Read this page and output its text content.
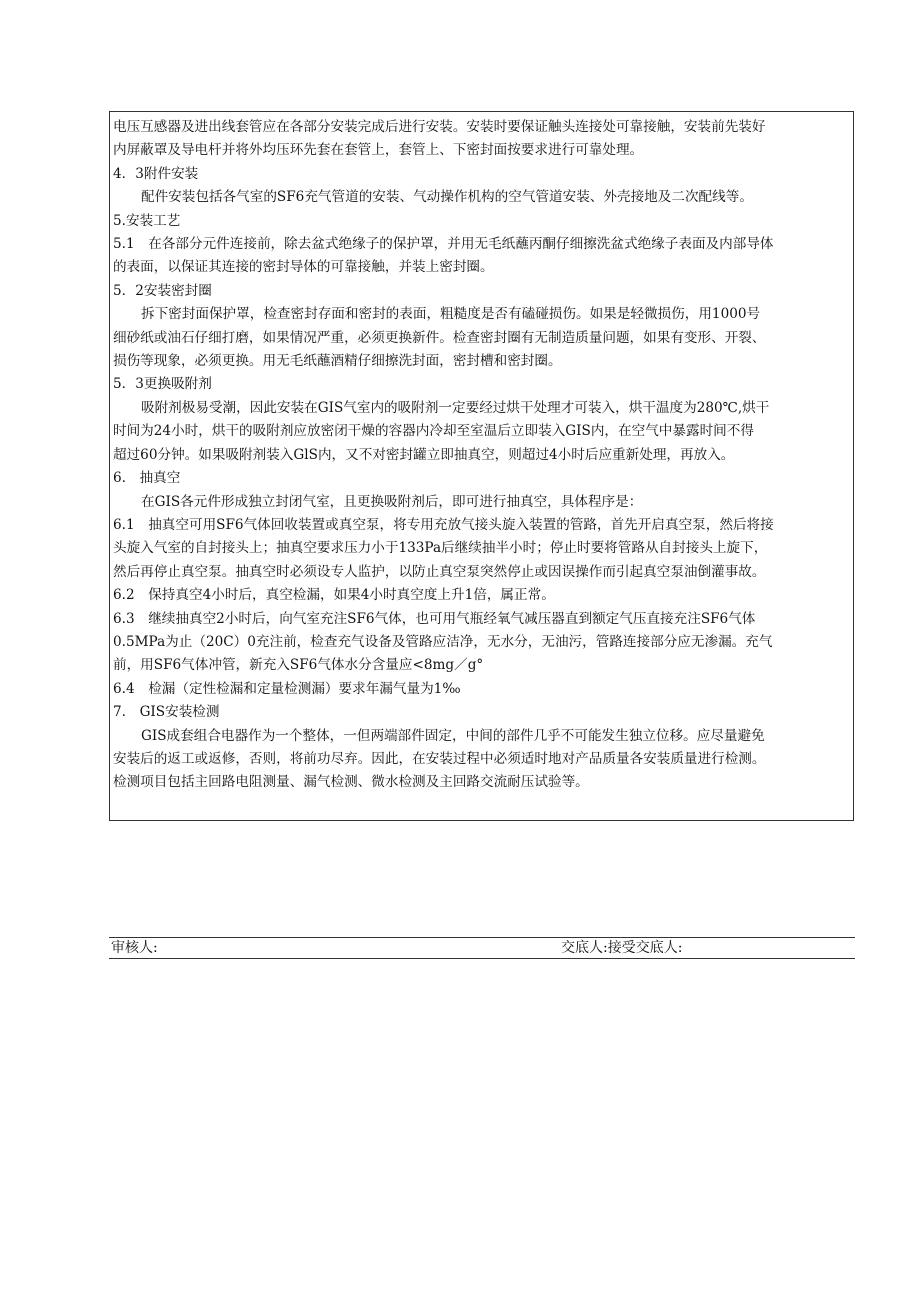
电压互感器及进出线套管应在各部分安装完成后进行安装。安装时要保证触头连接处可靠接触，安装前先装好
内屏蔽罩及导电杆并将外均压环先套在套管上，套管上、下密封面按要求进行可靠处理。
4．3附件安装
配件安装包括各气室的SF6充气管道的安装、气动操作机构的空气管道安装、外壳接地及二次配线等。
5.安装工艺
5.1　在各部分元件连接前，除去盆式绝缘子的保护罩，并用无毛纸蘸丙酮仔细擦洗盆式绝缘子表面及内部导体
的表面，以保证其连接的密封导体的可靠接触，并装上密封圈。
5．2安装密封圈
拆下密封面保护罩，检查密封存面和密封的表面，粗糙度是否有磕碰损伤。如果是轻微损伤，用1000号
细砂纸或油石仔细打磨，如果情况严重，必须更换新件。检查密封圈有无制造质量问题，如果有变形、开裂、
损伤等现象，必须更换。用无毛纸蘸酒精仔细擦洗封面，密封槽和密封圈。
5．3更换吸附剂
吸附剂极易受潮，因此安装在GIS气室内的吸附剂一定要经过烘干处理才可装入，烘干温度为280℃,烘干
时间为24小时，烘干的吸附剂应放密闭干燥的容器内冷却至室温后立即装入GIS内，在空气中暴露时间不得
超过60分钟。如果吸附剂装入GlS内，又不对密封罐立即抽真空，则超过4小时后应重新处理，再放入。
6.　抽真空
在GIS各元件形成独立封闭气室，且更换吸附剂后，即可进行抽真空，具体程序是：
6.1　抽真空可用SF6气体回收装置或真空泵，将专用充放气接头旋入装置的管路，首先开启真空泵，然后将接
头旋入气室的自封接头上；抽真空要求压力小于133Pa后继续抽半小时；停止时要将管路从自封接头上旋下，
然后再停止真空泵。抽真空时必须设专人监护，以防止真空泵突然停止或因误操作而引起真空泵油倒灌事故。
6.2　保持真空4小时后，真空检漏，如果4小时真空度上升1倍，属正常。
6.3　继续抽真空2小时后，向气室充注SF6气体，也可用气瓶经氧气减压器直到额定气压直接充注SF6气体
0.5MPa为止（20C）0充注前，检查充气设备及管路应洁净，无水分，无油污，管路连接部分应无渗漏。充气
前，用SF6气体冲管，新充入SF6气体水分含量应<8mg／g°
6.4　检漏（定性检漏和定量检测漏）要求年漏气量为1‰
7.　GIS安装检测
GIS成套组合电器作为一个整体，一但两端部件固定，中间的部件几乎不可能发生独立位移。应尽量避免
安装后的返工或返修，否则，将前功尽弃。因此，在安装过程中必须适时地对产品质量各安装质量进行检测。
检测项目包括主回路电阻测量、漏气检测、微水检测及主回路交流耐压试验等。
审核人:	交底人:接受交底人:
